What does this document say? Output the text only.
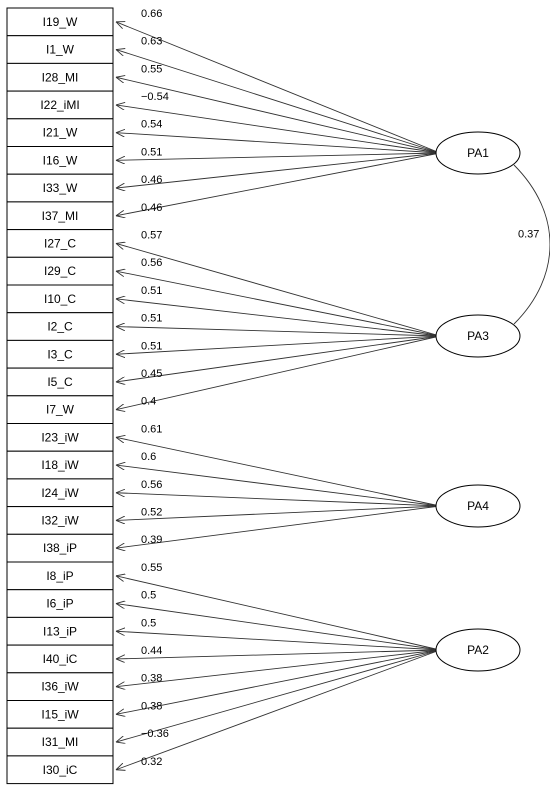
0.66
0.63
0.55
−0.54
0.54
0.51
0.46
0.46
0.57
0.56
0.51
0.51
0.51
0.45
0.4
0.61
0.6
0.56
0.52
0.39
0.55
0.5
0.5
0.44
0.38
0.38
−0.36
0.32
0.37
I19_W
I1_W
I28_MI
I22_iMI
I21_W
I16_W
I33_W
I37_MI
I27_C
I29_C
I10_C
I2_C
I3_C
I5_C
I7_W
I23_iW
I18_iW
I24_iW
I32_iW
I38_iP
I8_iP
I6_iP
I13_iP
I40_iC
I36_iW
I15_iW
I31_MI
I30_iC
PA1
PA3
PA4
PA2
